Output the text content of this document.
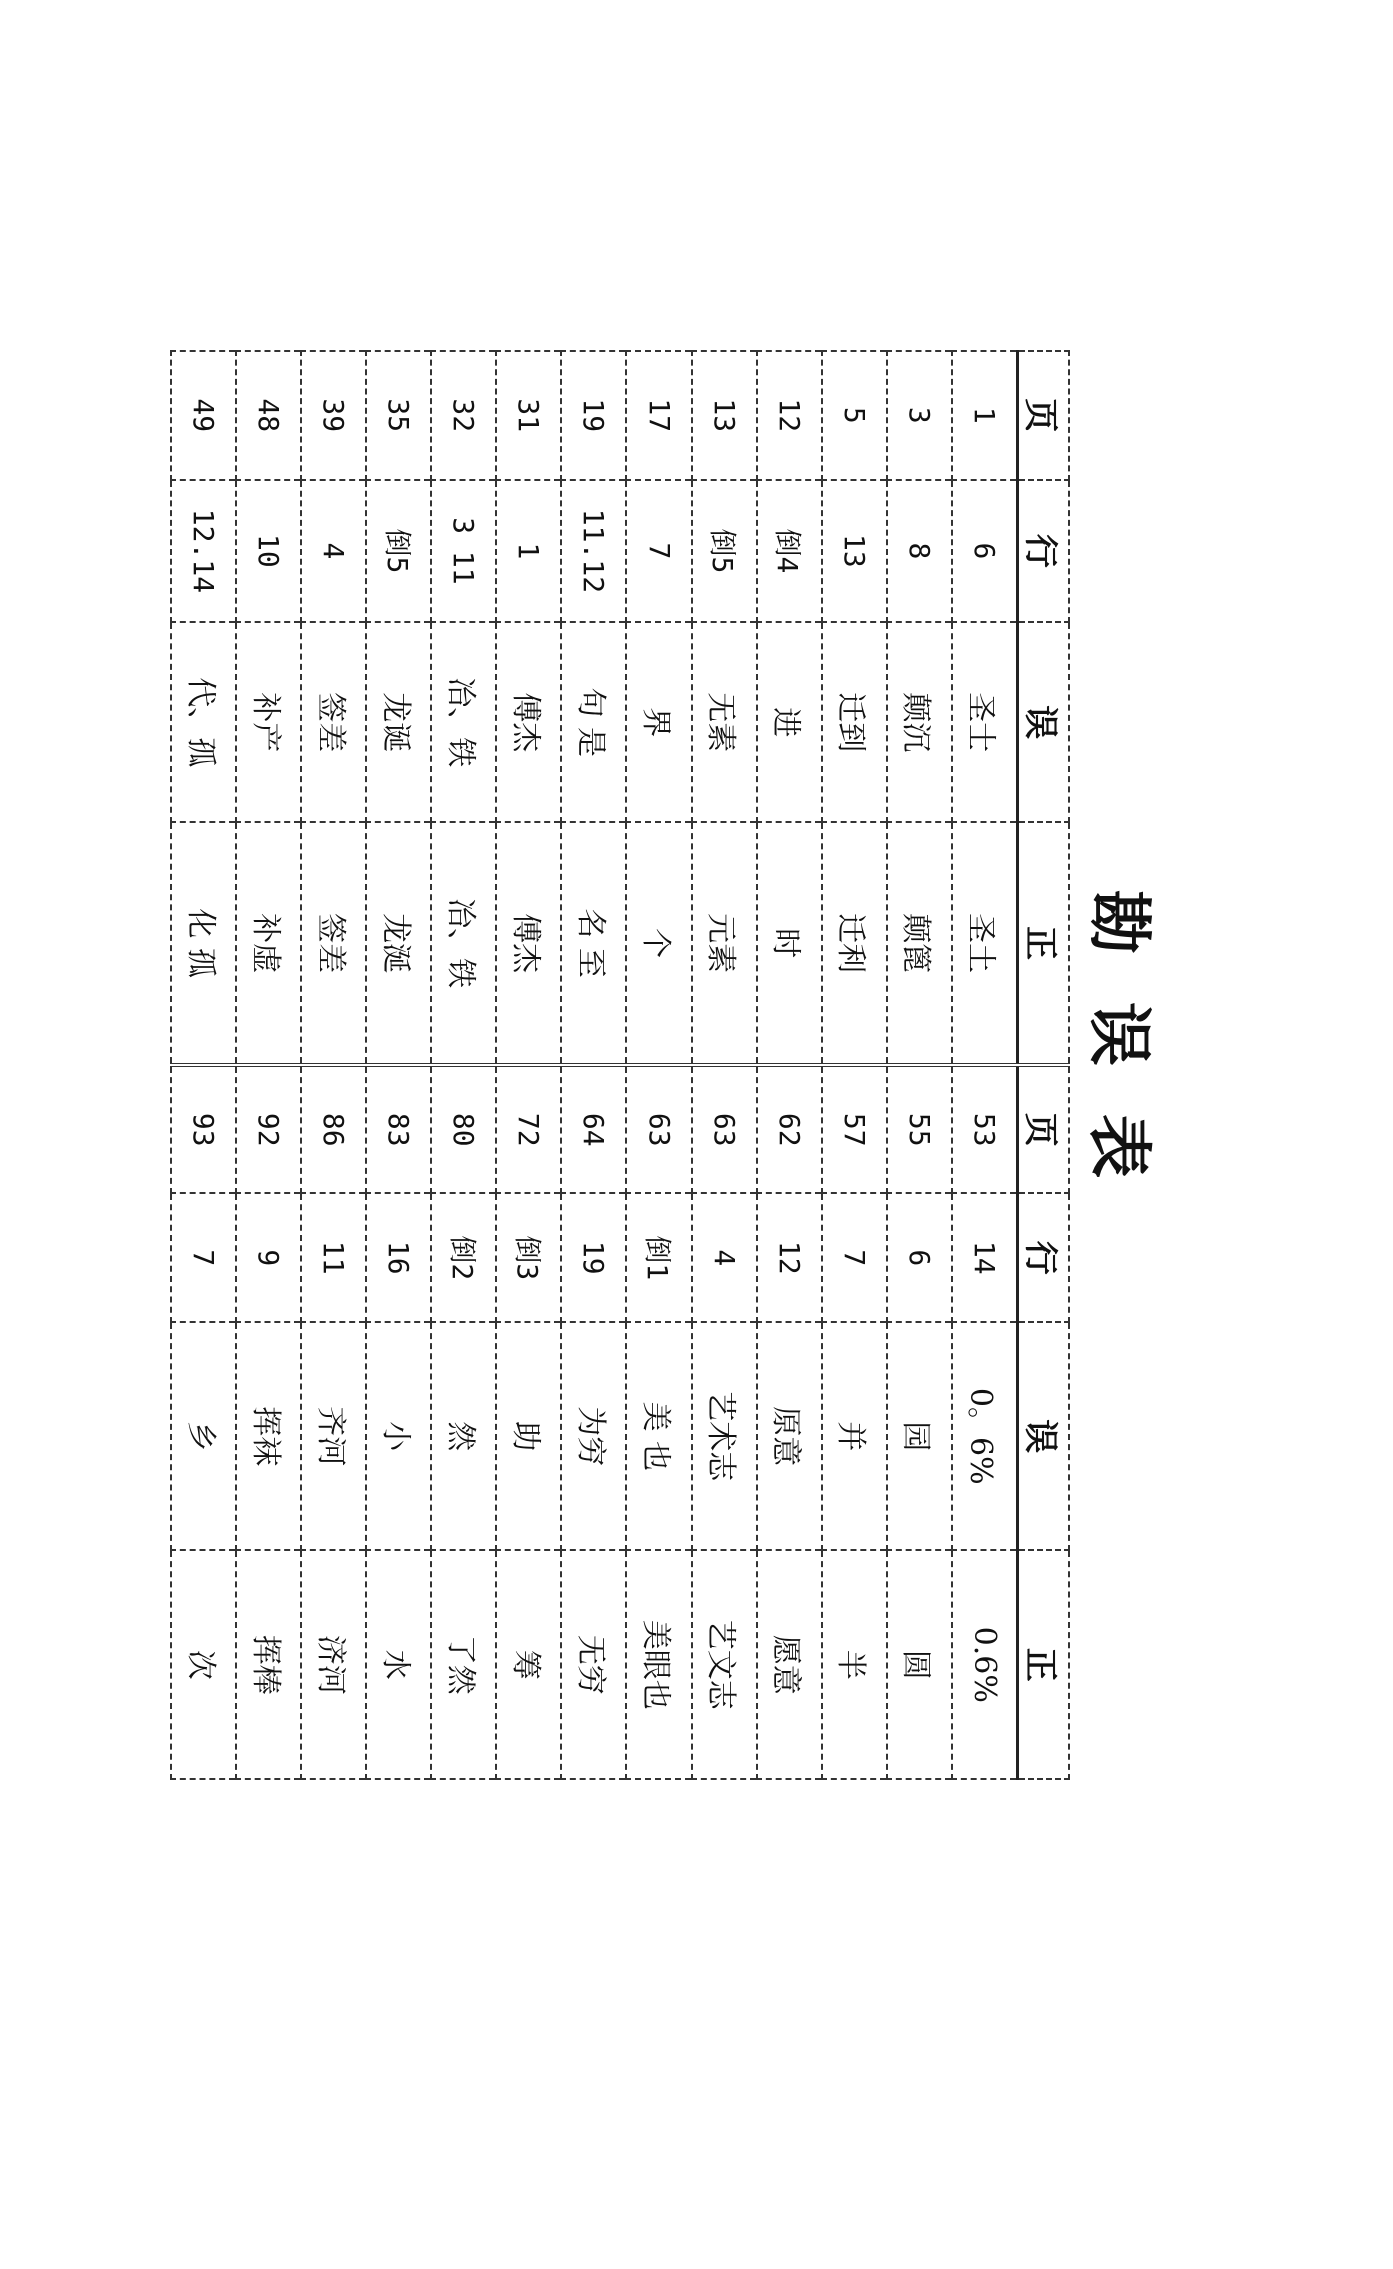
勘误表
页	行	误	正	页	行	误	正
1	6	圣士	圣土	53	14	0。6%	0.6%
3	8	颠沉	颠篦	55	6	园	圆
5	13	迁到	迁利	57	7	并	半
12	倒4	进	时	62	12	原意	愿意
13	倒5	无素	元素	63	4	艺术志	艺文志
17	7	界	个	63	倒1	美 也	美眼也
19	11.12	句 是	名 至	64	19	为穷	无穷
31	1	傅杰	傅杰	72	倒3	助	筹
32	3 11	冶、铁	冶、铁	80	倒2	然	了然
35	倒5	龙诞	龙涎	83	16	小	水
39	4	签差	签差	86	11	齐河	济河
48	10	补产	补虚	92	9	挥袜	挥棒
49	12.14	代、孤	化 孤	93	7	乡	次
